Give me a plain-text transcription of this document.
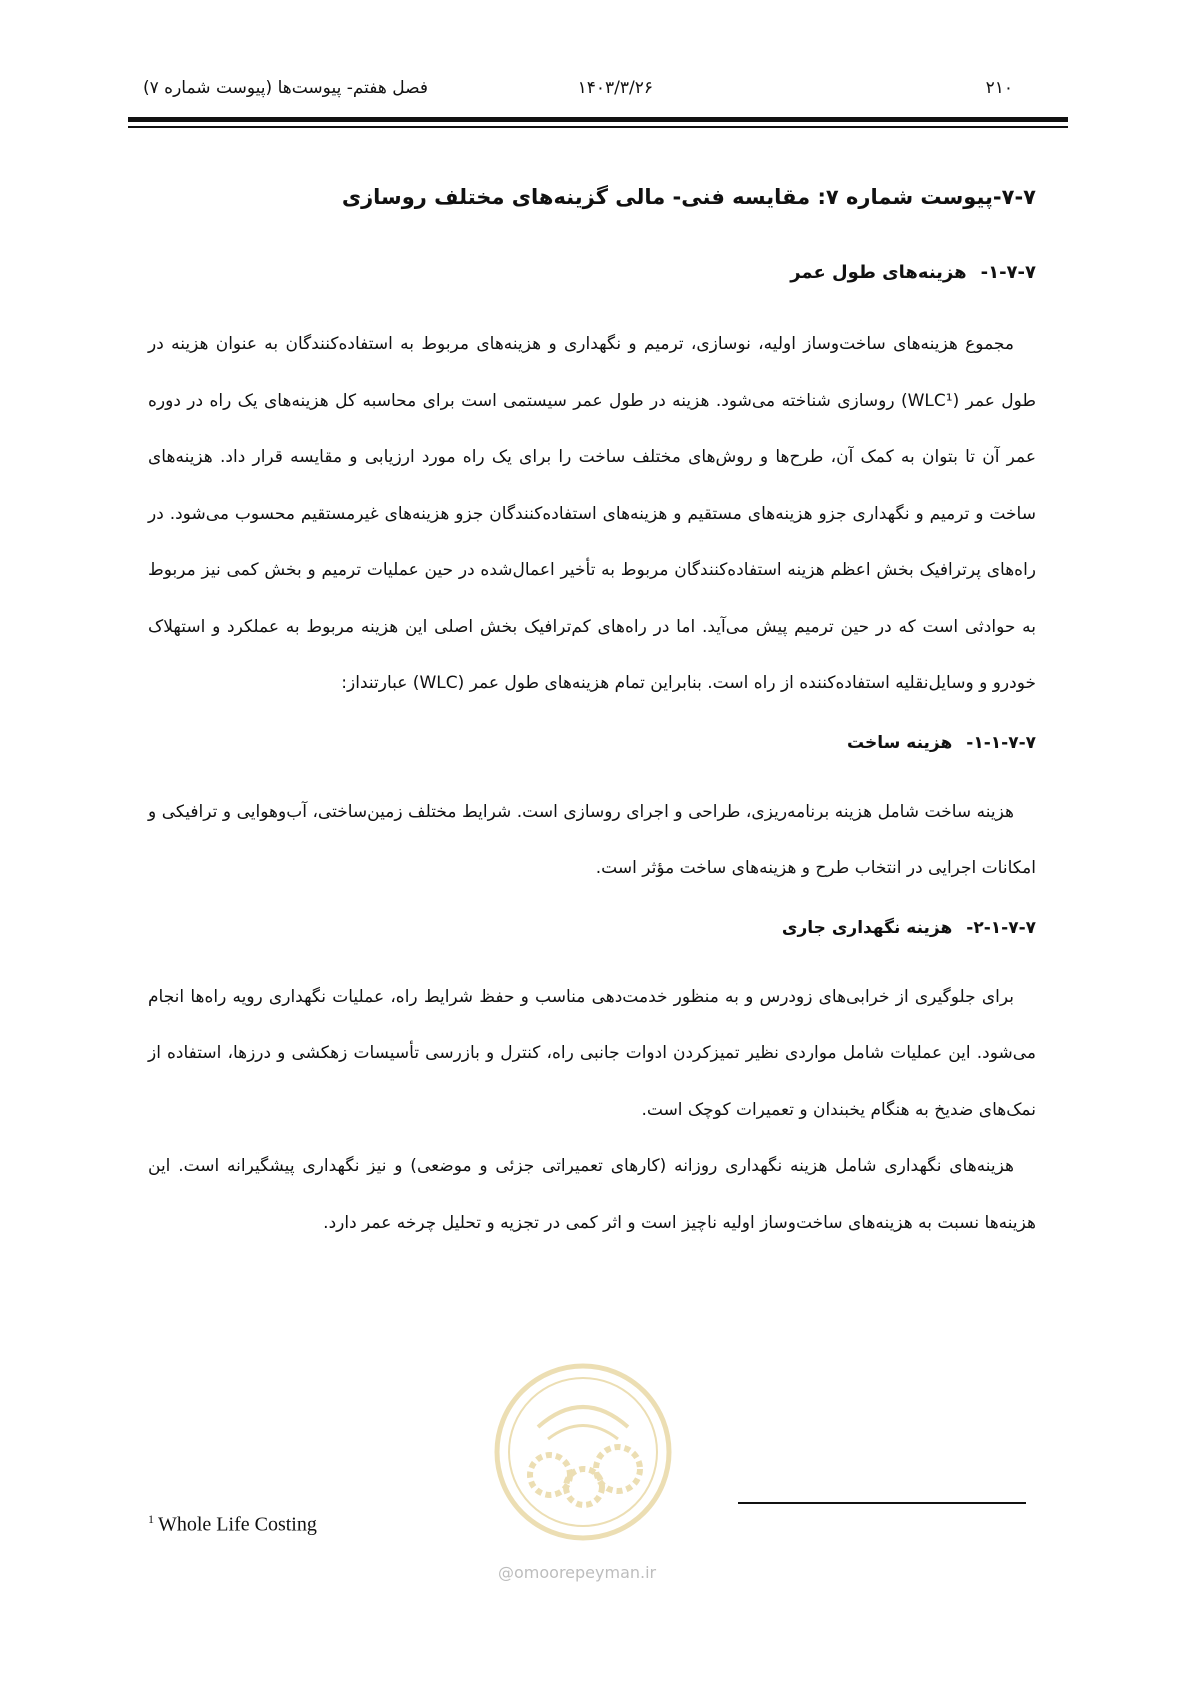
۲۱۰
۱۴۰۳/۳/۲۶
فصل هفتم- پیوست‌ها (پیوست شماره ۷)
۷-۷-پیوست شماره ۷: مقایسه فنی- مالی گزینه‌های مختلف روسازی
۱-۷-۷-هزینه‌های طول عمر
مجموع هزینه‌های ساخت‌وساز اولیه، نوسازی، ترمیم و نگهداری و هزینه‌های مربوط به استفاده‌کنندگان به عنوان هزینه در طول عمر (WLC¹) روسازی شناخته می‌شود. هزینه در طول عمر سیستمی است برای محاسبه کل هزینه‌های یک راه در دوره عمر آن تا بتوان به کمک آن، طرح‌ها و روش‌های مختلف ساخت را برای یک راه مورد ارزیابی و مقایسه قرار داد. هزینه‌های ساخت و ترمیم و نگهداری جزو هزینه‌های مستقیم و هزینه‌های استفاده‌کنندگان جزو هزینه‌های غیرمستقیم محسوب می‌شود. در راه‌های پرترافیک بخش اعظم هزینه استفاده‌کنندگان مربوط به تأخیر اعمال‌شده در حین عملیات ترمیم و بخش کمی نیز مربوط به حوادثی است که در حین ترمیم پیش می‌آید. اما در راه‌های کم‌ترافیک بخش اصلی این هزینه مربوط به عملکرد و استهلاک خودرو و وسایل‌نقلیه استفاده‌کننده از راه است. بنابراین تمام هزینه‌های طول عمر (WLC) عبارتنداز:
۱-۱-۷-۷-هزینه ساخت
هزینه ساخت شامل هزینه برنامه‌ریزی، طراحی و اجرای روسازی است. شرایط مختلف زمین‌ساختی، آب‌وهوایی و ترافیکی و امکانات اجرایی در انتخاب طرح و هزینه‌های ساخت مؤثر است.
۲-۱-۷-۷-هزینه نگهداری جاری
برای جلوگیری از خرابی‌های زودرس و به منظور خدمت‌دهی مناسب و حفظ شرایط راه، عملیات نگهداری رویه راه‌ها انجام می‌شود. این عملیات شامل مواردی نظیر تمیزکردن ادوات جانبی راه، کنترل و بازرسی تأسیسات زهکشی و درزها، استفاده از نمک‌های ضدیخ به هنگام یخبندان و تعمیرات کوچک است.
هزینه‌های نگهداری شامل هزینه نگهداری روزانه (کارهای تعمیراتی جزئی و موضعی) و نیز نگهداری پیشگیرانه است. این هزینه‌ها نسبت به هزینه‌های ساخت‌وساز اولیه ناچیز است و اثر کمی در تجزیه و تحلیل چرخه عمر دارد.
@omoorepeyman.ir
$^1$ Whole Life Costing
